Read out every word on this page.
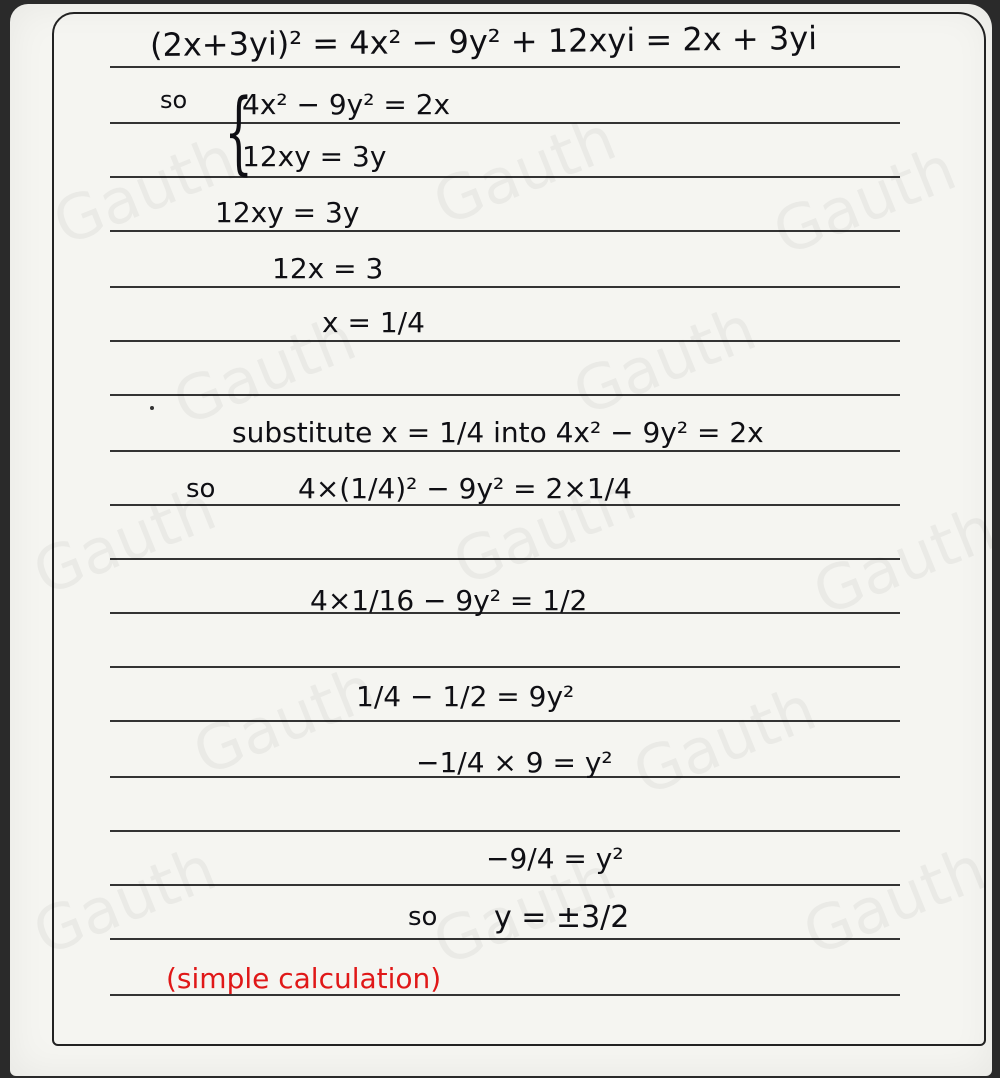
(2x+3yi)² = 4x² − 9y² + 12xyi = 2x + 3yi
so {
4x² − 9y² = 2x
12xy = 3y
12xy = 3y
12x = 3
x = 1/4
substitute x = 1/4 into 4x² − 9y² = 2x
so	4×(1/4)² − 9y² = 2×1/4
4×1/16 − 9y² = 1/2
1/4 − 1/2 = 9y²
−1/4 × 9 = y²
−9/4 = y²
so y = ±3/2
(simple calculation)
